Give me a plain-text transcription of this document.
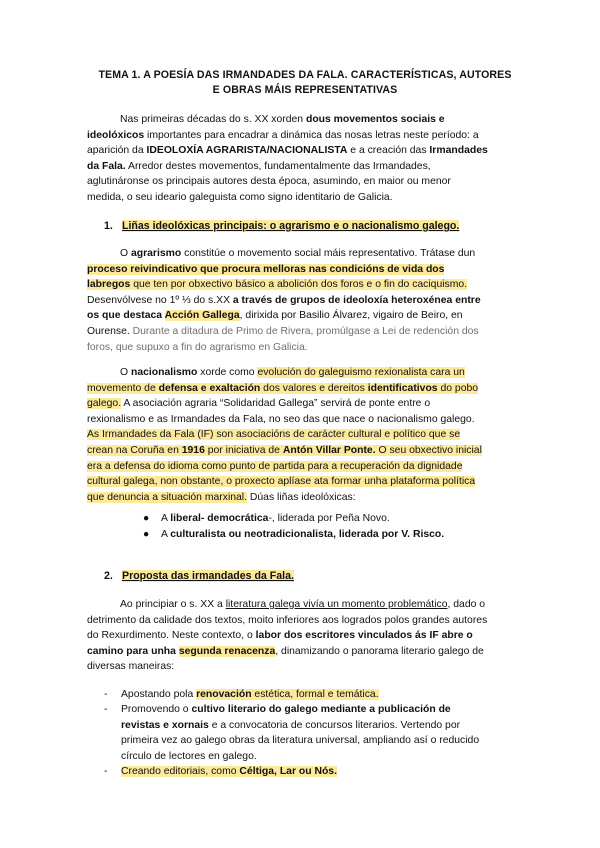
TEMA 1. A POESÍA DAS IRMANDADES DA FALA. CARACTERÍSTICAS, AUTORES
E OBRAS MÁIS REPRESENTATIVAS
Nas primeiras décadas do s. XX xorden dous movementos sociais e
ideolóxicos importantes para encadrar a dinámica das nosas letras neste período: a
aparición da IDEOLOXÍA AGRARISTA/NACIONALISTA e a creación das Irmandades
da Fala. Arredor destes movementos, fundamentalmente das Irmandades,
aglutináronse os principais autores desta época, asumindo, en maior ou menor
medida, o seu ideario galeguista como signo identitario de Galicia.
1. Liñas ideolóxicas principais: o agrarismo e o nacionalismo galego.
O agrarismo constitúe o movemento social máis representativo. Trátase dun
proceso reivindicativo que procura melloras nas condicións de vida dos
labregos que ten por obxectivo básico a abolición dos foros e o fin do caciquismo.
Desenvólvese no 1º ⅓ do s.XX a través de grupos de ideoloxía heteroxénea entre
os que destaca Acción Gallega, dirixida por Basilio Álvarez, vigairo de Beiro, en
Ourense. Durante a ditadura de Primo de Rivera, promúlgase a Lei de redención dos
foros, que supuxo a fin do agrarismo en Galicia.
O nacionalismo xorde como evolución do galeguismo rexionalista cara un
movemento de defensa e exaltación dos valores e dereitos identificativos do pobo
galego. A asociación agraria “Solidaridad Gallega” servirá de ponte entre o
rexionalismo e as Irmandades da Fala, no seo das que nace o nacionalismo galego.
As Irmandades da Fala (IF) son asociacións de carácter cultural e político que se
crean na Coruña en 1916 por iniciativa de Antón Villar Ponte. O seu obxectivo inicial
era a defensa do idioma como punto de partida para a recuperación da dignidade
cultural galega, non obstante, o proxecto aplíase ata formar unha plataforma política
que denuncia a situación marxinal. Dúas liñas ideolóxicas:
● A liberal- democrática-, liderada por Peña Novo.
● A culturalista ou neotradicionalista, liderada por V. Risco.
2. Proposta das irmandades da Fala.
Ao principiar o s. XX a literatura galega vivía un momento problemático, dado o
detrimento da calidade dos textos, moito inferiores aos logrados polos grandes autores
do Rexurdimento. Neste contexto, o labor dos escritores vinculados ás IF abre o
camino para unha segunda renacenza, dinamizando o panorama literario galego de
diversas maneiras:
- Apostando pola renovación estética, formal e temática.
- Promovendo o cultivo literario do galego mediante a publicación de
revistas e xornais e a convocatoria de concursos literarios. Vertendo por
primeira vez ao galego obras da literatura universal, ampliando así o reducido
círculo de lectores en galego.
- Creando editoriais, como Céltiga, Lar ou Nós.
